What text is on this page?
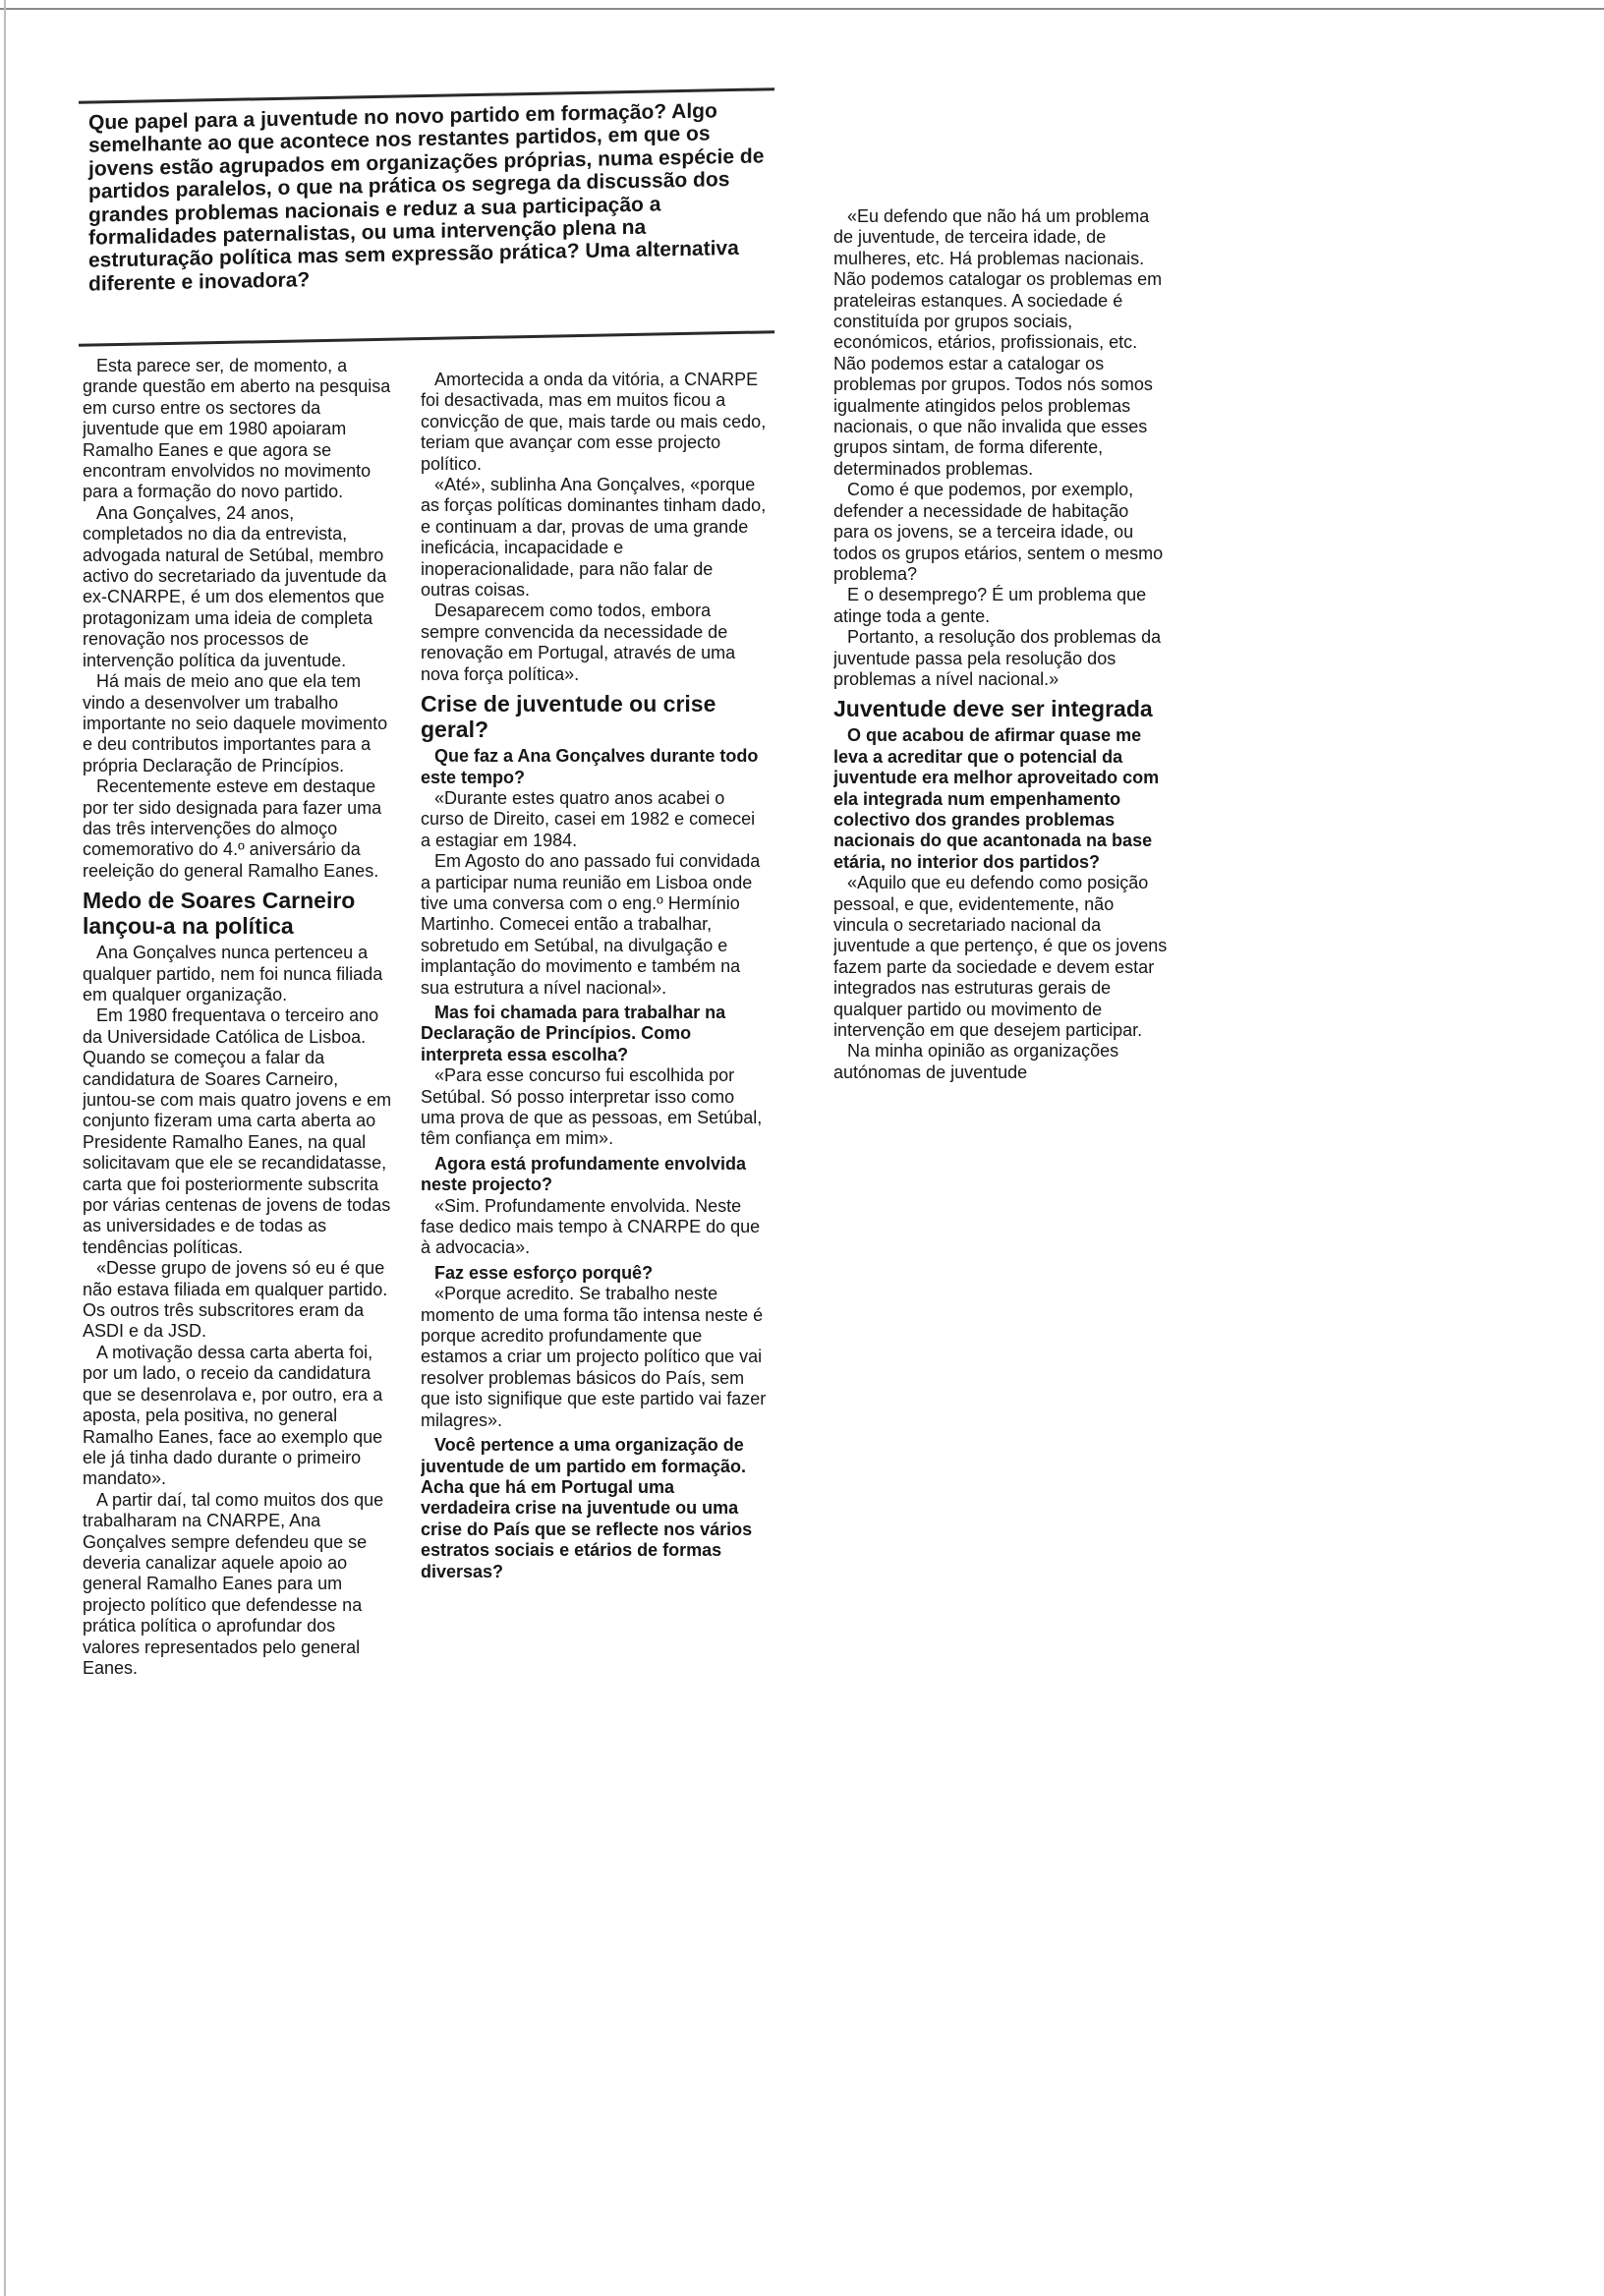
Que papel para a juventude no novo partido em formação? Algo semelhante ao que acontece nos restantes partidos, em que os jovens estão agrupados em organizações próprias, numa espécie de partidos paralelos, o que na prática os segrega da discussão dos grandes problemas nacionais e reduz a sua participação a formalidades paternalistas, ou uma intervenção plena na estruturação política mas sem expressão prática? Uma alternativa diferente e inovadora?

Esta parece ser, de momento, a grande questão em aberto na pesquisa em curso entre os sectores da juventude que em 1980 apoiaram Ramalho Eanes e que agora se encontram envolvidos no movimento para a formação do novo partido.

Ana Gonçalves, 24 anos, completados no dia da entrevista, advogada natural de Setúbal, membro activo do secretariado da juventude da ex-CNARPE, é um dos elementos que protagonizam uma ideia de completa renovação nos processos de intervenção política da juventude.

Há mais de meio ano que ela tem vindo a desenvolver um trabalho importante no seio daquele movimento e deu contributos importantes para a própria Declaração de Princípios.

Recentemente esteve em destaque por ter sido designada para fazer uma das três intervenções do almoço comemorativo do 4.º aniversário da reeleição do general Ramalho Eanes.

Medo de Soares Carneiro lançou-a na política

Ana Gonçalves nunca pertenceu a qualquer partido, nem foi nunca filiada em qualquer organização.

Em 1980 frequentava o terceiro ano da Universidade Católica de Lisboa. Quando se começou a falar da candidatura de Soares Carneiro, juntou-se com mais quatro jovens e em conjunto fizeram uma carta aberta ao Presidente Ramalho Eanes, na qual solicitavam que ele se recandidatasse, carta que foi posteriormente subscrita por várias centenas de jovens de todas as universidades e de todas as tendências políticas.

«Desse grupo de jovens só eu é que não estava filiada em qualquer partido. Os outros três subscritores eram da ASDI e da JSD.

A motivação dessa carta aberta foi, por um lado, o receio da candidatura que se desenrolava e, por outro, era a aposta, pela positiva, no general Ramalho Eanes, face ao exemplo que ele já tinha dado durante o primeiro mandato».

A partir daí, tal como muitos dos que trabalharam na CNARPE, Ana Gonçalves sempre defendeu que se deveria canalizar aquele apoio ao general Ramalho Eanes para um projecto político que defendesse na prática política o aprofundar dos valores representados pelo general Eanes.

Amortecida a onda da vitória, a CNARPE foi desactivada, mas em muitos ficou a convicção de que, mais tarde ou mais cedo, teriam que avançar com esse projecto político.

«Até», sublinha Ana Gonçalves, «porque as forças políticas dominantes tinham dado, e continuam a dar, provas de uma grande ineficácia, incapacidade e inoperacionalidade, para não falar de outras coisas.

Desaparecem como todos, embora sempre convencida da necessidade de renovação em Portugal, através de uma nova força política».

Crise de juventude ou crise geral?

Que faz a Ana Gonçalves durante todo este tempo?

«Durante estes quatro anos acabei o curso de Direito, casei em 1982 e comecei a estagiar em 1984.

Em Agosto do ano passado fui convidada a participar numa reunião em Lisboa onde tive uma conversa com o eng.º Hermínio Martinho. Comecei então a trabalhar, sobretudo em Setúbal, na divulgação e implantação do movimento e também na sua estrutura a nível nacional».

Mas foi chamada para trabalhar na Declaração de Princípios. Como interpreta essa escolha?

«Para esse concurso fui escolhida por Setúbal. Só posso interpretar isso como uma prova de que as pessoas, em Setúbal, têm confiança em mim».

Agora está profundamente envolvida neste projecto?

«Sim. Profundamente envolvida. Neste fase dedico mais tempo à CNARPE do que à advocacia».

Faz esse esforço porquê?

«Porque acredito. Se trabalho neste momento de uma forma tão intensa neste é porque acredito profundamente que estamos a criar um projecto político que vai resolver problemas básicos do País, sem que isto signifique que este partido vai fazer milagres».

Você pertence a uma organização de juventude de um partido em formação. Acha que há em Portugal uma verdadeira crise na juventude ou uma crise do País que se reflecte nos vários estratos sociais e etários de formas diversas?

«Eu defendo que não há um problema de juventude, de terceira idade, de mulheres, etc. Há problemas nacionais. Não podemos catalogar os problemas em prateleiras estanques. A sociedade é constituída por grupos sociais, económicos, etários, profissionais, etc. Não podemos estar a catalogar os problemas por grupos. Todos nós somos igualmente atingidos pelos problemas nacionais, o que não invalida que esses grupos sintam, de forma diferente, determinados problemas.

Como é que podemos, por exemplo, defender a necessidade de habitação para os jovens, se a terceira idade, ou todos os grupos etários, sentem o mesmo problema?

E o desemprego? É um problema que atinge toda a gente.

Portanto, a resolução dos problemas da juventude passa pela resolução dos problemas a nível nacional.»

Juventude deve ser integrada

O que acabou de afirmar quase me leva a acreditar que o potencial da juventude era melhor aproveitado com ela integrada num empenhamento colectivo dos grandes problemas nacionais do que acantonada na base etária, no interior dos partidos?

«Aquilo que eu defendo como posição pessoal, e que, evidentemente, não vincula o secretariado nacional da juventude a que pertenço, é que os jovens fazem parte da sociedade e devem estar integrados nas estruturas gerais de qualquer partido ou movimento de intervenção em que desejem participar.

Na minha opinião as organizações autónomas de juventude
